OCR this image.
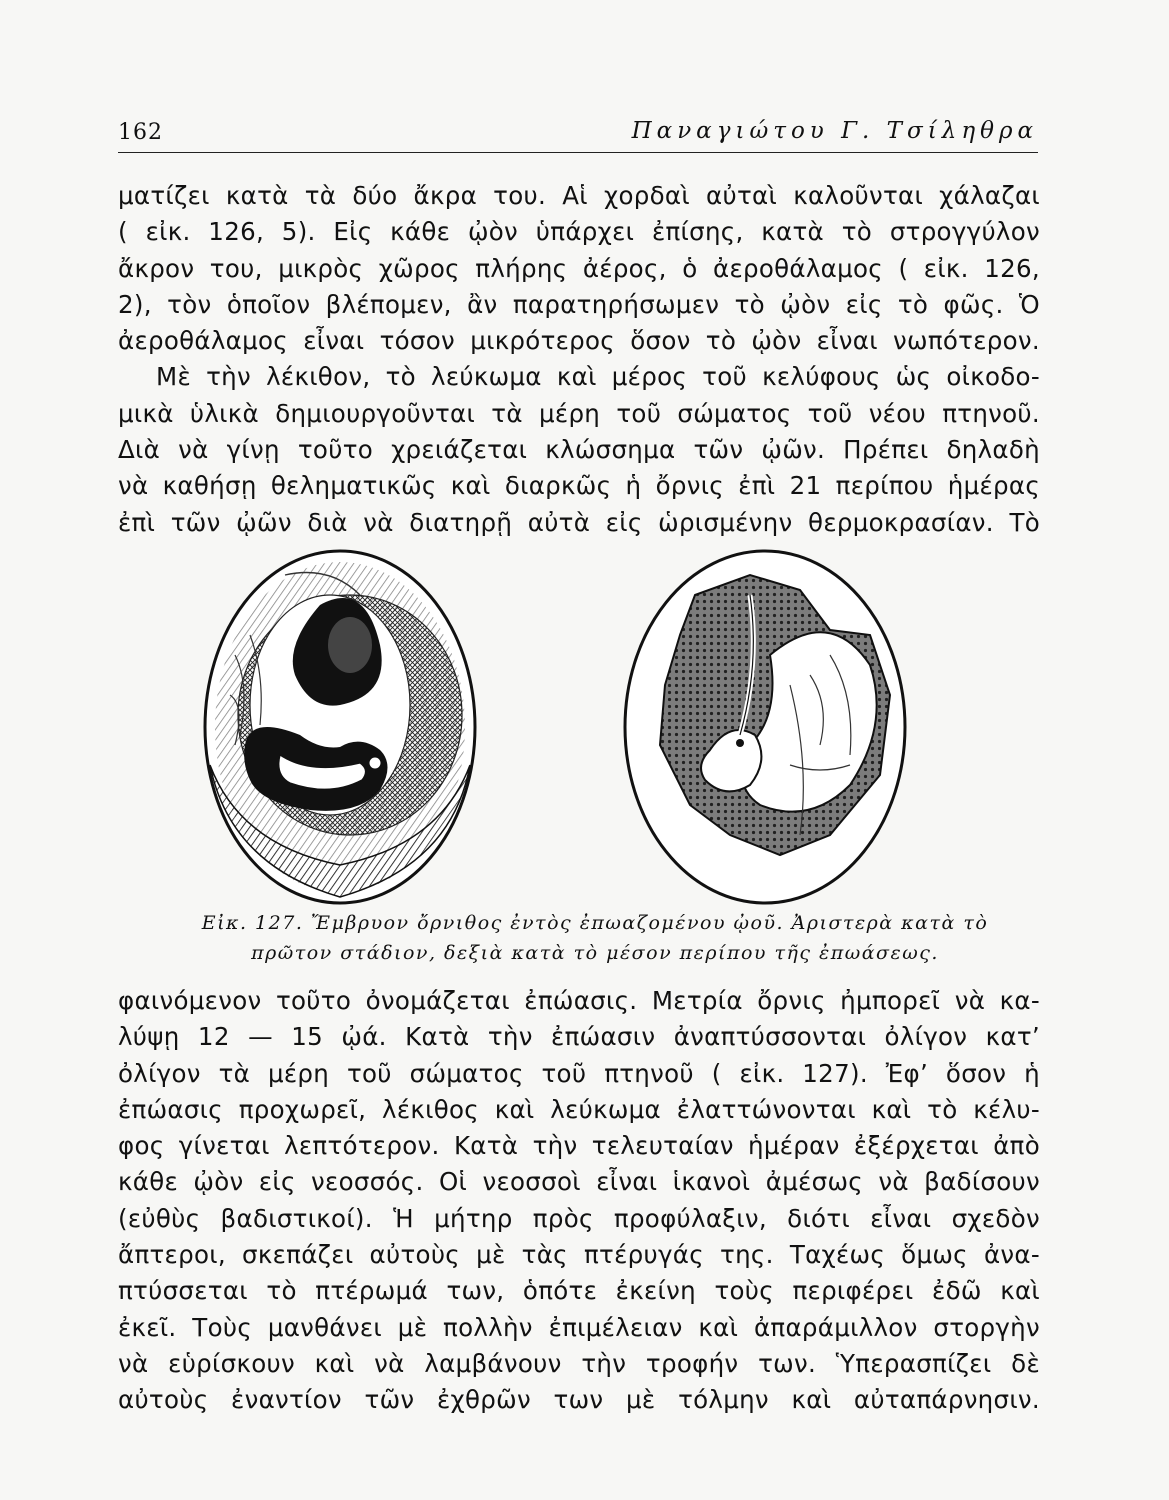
162	Παναγιώτου Γ. Τσίληθρα
ματίζει κατὰ τὰ δύο ἄκρα του. Αἱ χορδαὶ αὐταὶ καλοῦνται χάλαζαι
( εἰκ. 126, 5). Εἰς κάθε ᾠὸν ὑπάρχει ἐπίσης, κατὰ τὸ στρογγύλον
ἄκρον του, μικρὸς χῶρος πλήρης ἀέρος, ὁ ἀεροθάλαμος ( εἰκ. 126,
2), τὸν ὁποῖον βλέπομεν, ἂν παρατηρήσωμεν τὸ ᾠὸν εἰς τὸ φῶς. Ὁ
ἀεροθάλαμος εἶναι τόσον μικρότερος ὅσον τὸ ᾠὸν εἶναι νωπότερον.
Μὲ τὴν λέκιθον, τὸ λεύκωμα καὶ μέρος τοῦ κελύφους ὡς οἰκοδο-
μικὰ ὑλικὰ δημιουργοῦνται τὰ μέρη τοῦ σώματος τοῦ νέου πτηνοῦ.
Διὰ νὰ γίνῃ τοῦτο χρειάζεται κλώσσημα τῶν ᾠῶν. Πρέπει δηλαδὴ
νὰ καθήσῃ θεληματικῶς καὶ διαρκῶς ἡ ὄρνις ἐπὶ 21 περίπου ἡμέρας
ἐπὶ τῶν ᾠῶν διὰ νὰ διατηρῇ αὐτὰ εἰς ὡρισμένην θερμοκρασίαν. Τὸ
Εἰκ. 127. Ἔμβρυον ὄρνιθος ἐντὸς ἐπωαζομένου ᾠοῦ. Ἀριστερὰ κατὰ τὸ
πρῶτον στάδιον, δεξιὰ κατὰ τὸ μέσον περίπου τῆς ἐπωάσεως.
φαινόμενον τοῦτο ὀνομάζεται ἐπώασις. Μετρία ὄρνις ἠμπορεῖ νὰ κα-
λύψῃ 12 — 15 ᾠά. Κατὰ τὴν ἐπώασιν ἀναπτύσσονται ὀλίγον κατ’
ὀλίγον τὰ μέρη τοῦ σώματος τοῦ πτηνοῦ ( εἰκ. 127). Ἐφ’ ὅσον ἡ
ἐπώασις προχωρεῖ, λέκιθος καὶ λεύκωμα ἐλαττώνονται καὶ τὸ κέλυ-
φος γίνεται λεπτότερον. Κατὰ τὴν τελευταίαν ἡμέραν ἐξέρχεται ἀπὸ
κάθε ᾠὸν εἰς νεοσσός. Οἱ νεοσσοὶ εἶναι ἱκανοὶ ἀμέσως νὰ βαδίσουν
(εὐθὺς βαδιστικοί). Ἡ μήτηρ πρὸς προφύλαξιν, διότι εἶναι σχεδὸν
ἄπτεροι, σκεπάζει αὐτοὺς μὲ τὰς πτέρυγάς της. Ταχέως ὅμως ἀνα-
πτύσσεται τὸ πτέρωμά των, ὁπότε ἐκείνη τοὺς περιφέρει ἐδῶ καὶ
ἐκεῖ. Τοὺς μανθάνει μὲ πολλὴν ἐπιμέλειαν καὶ ἀπαράμιλλον στοργὴν
νὰ εὑρίσκουν καὶ νὰ λαμβάνουν τὴν τροφήν των. Ὑπερασπίζει δὲ
αὐτοὺς ἐναντίον τῶν ἐχθρῶν των μὲ τόλμην καὶ αὐταπάρνησιν.
